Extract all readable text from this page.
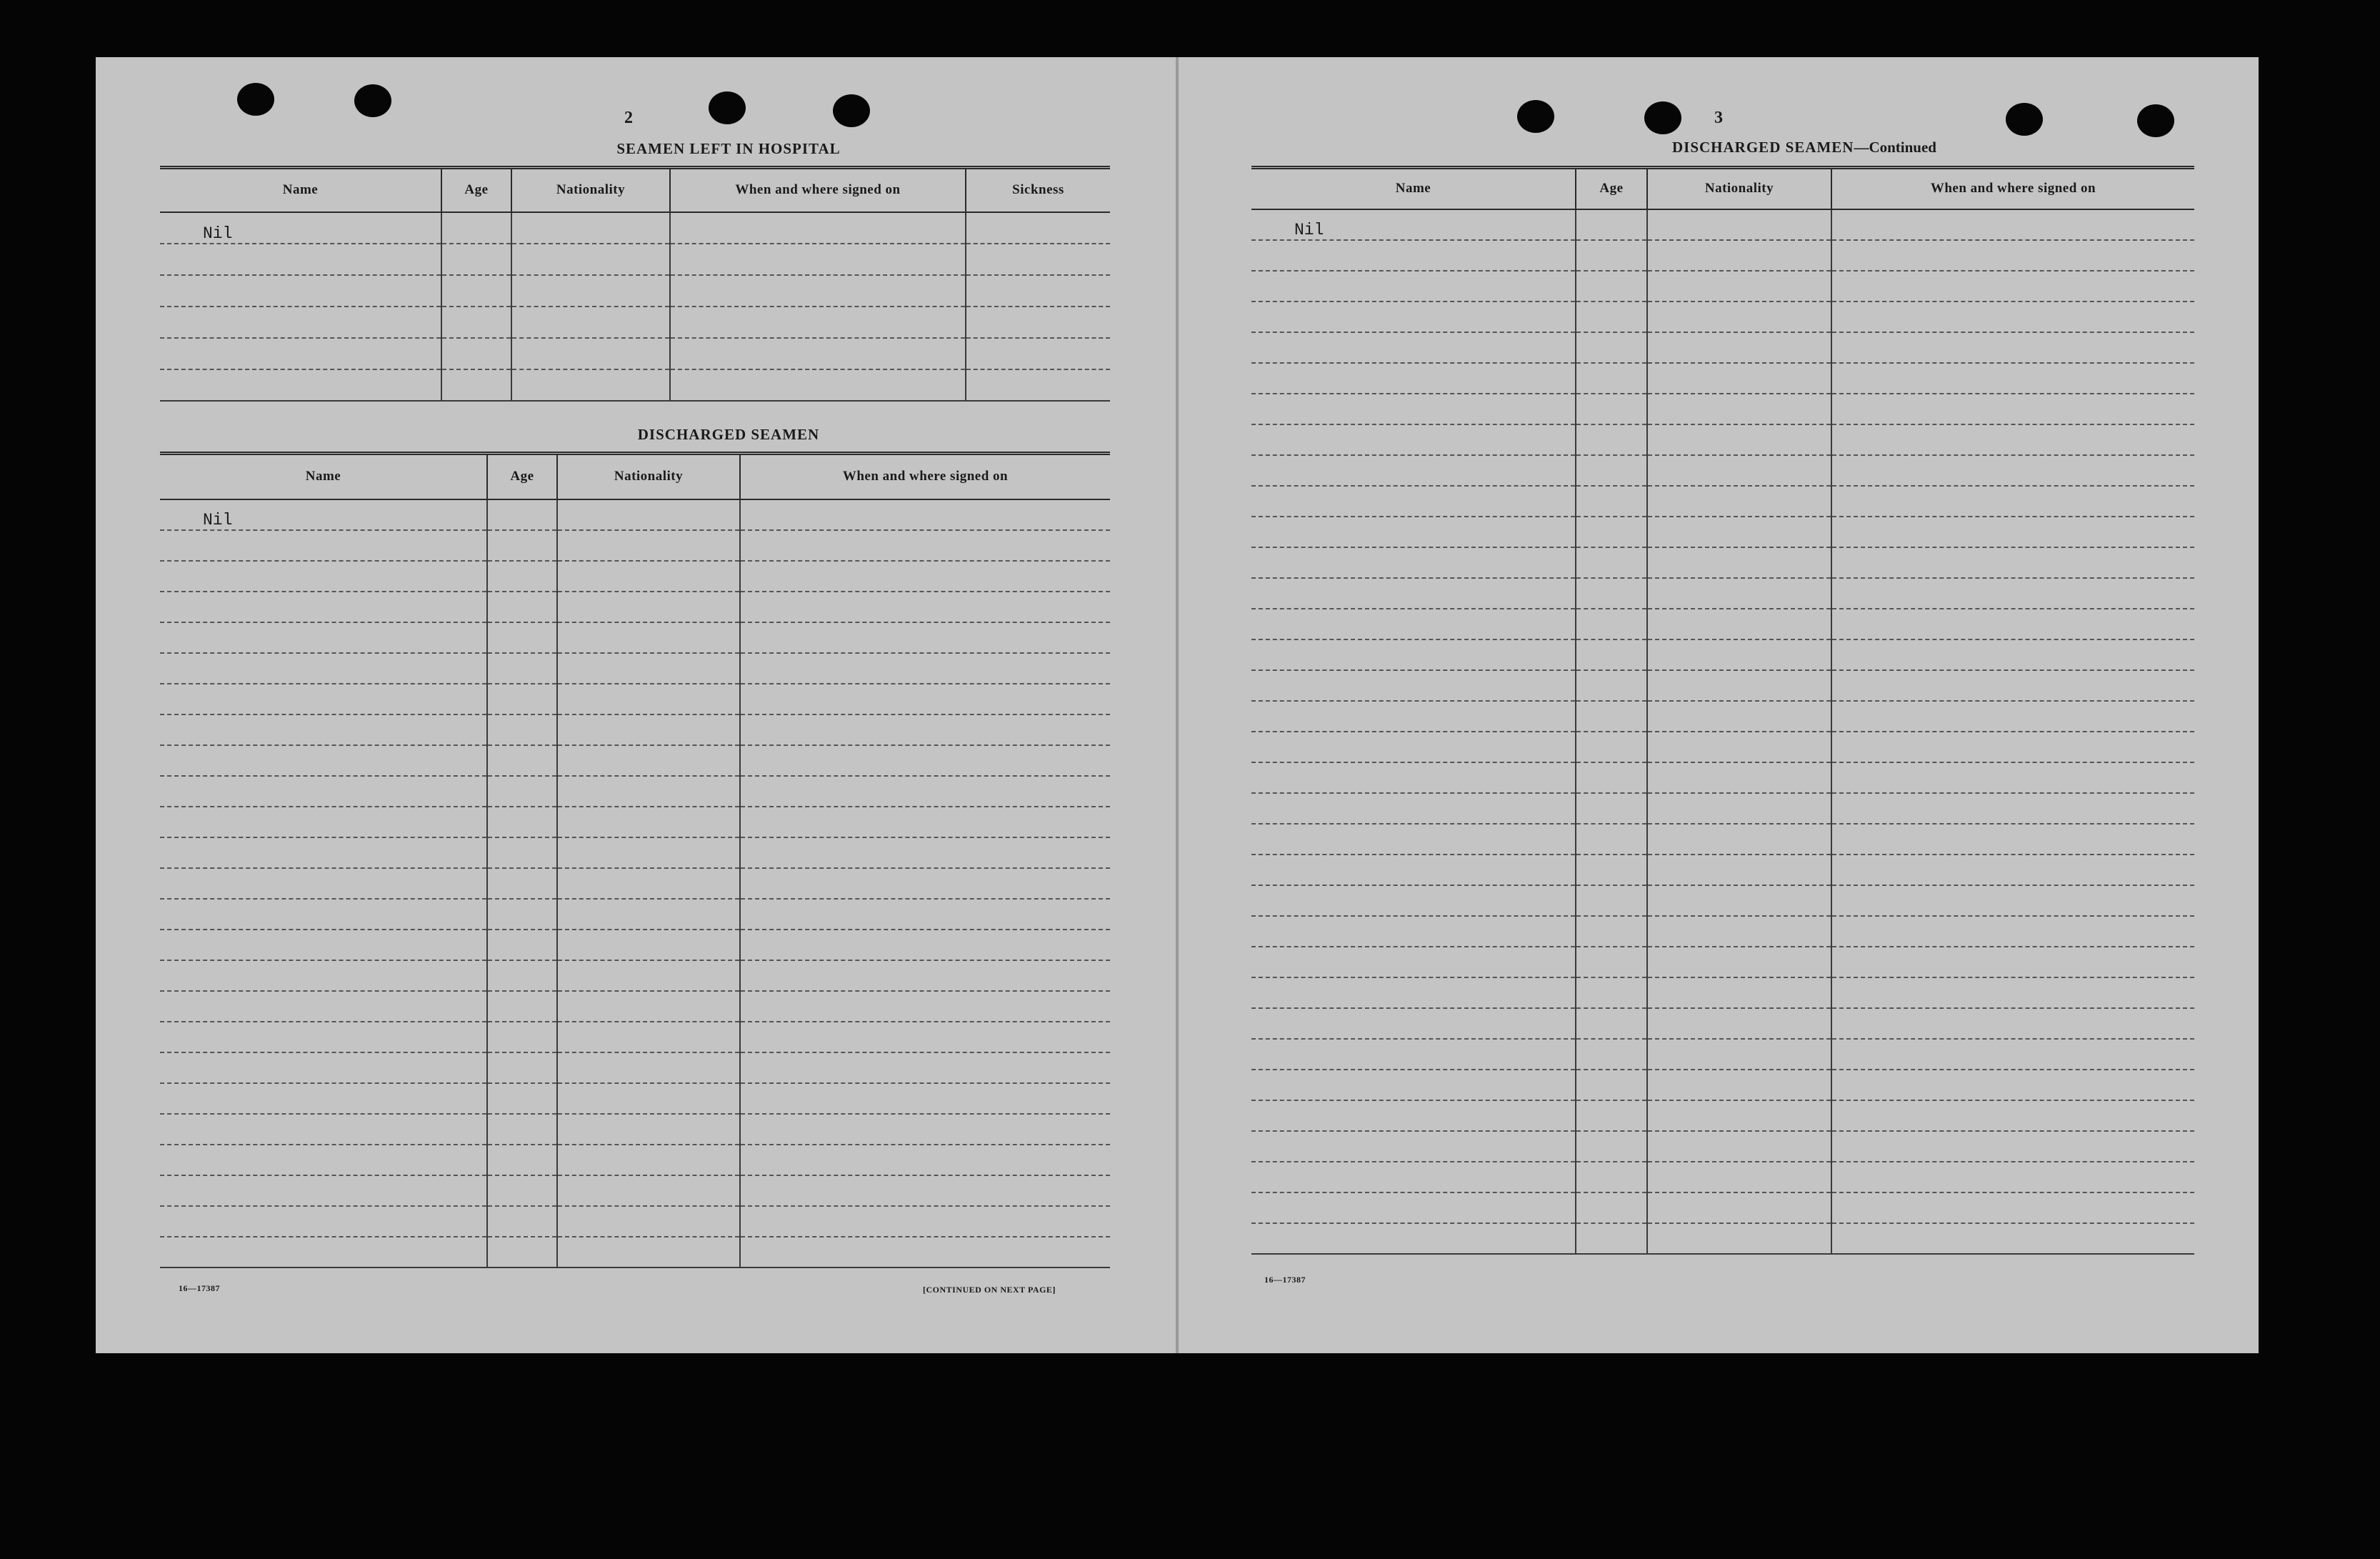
2
SEAMEN LEFT IN HOSPITAL
Name	Age	Nationality	When and where signed on	Sickness
Nil				

DISCHARGED SEAMEN
Name	Age	Nationality	When and where signed on
Nil			

16—17387	[CONTINUED ON NEXT PAGE]
3
DISCHARGED SEAMEN—Continued
Name	Age	Nationality	When and where signed on
Nil			

16—17387
